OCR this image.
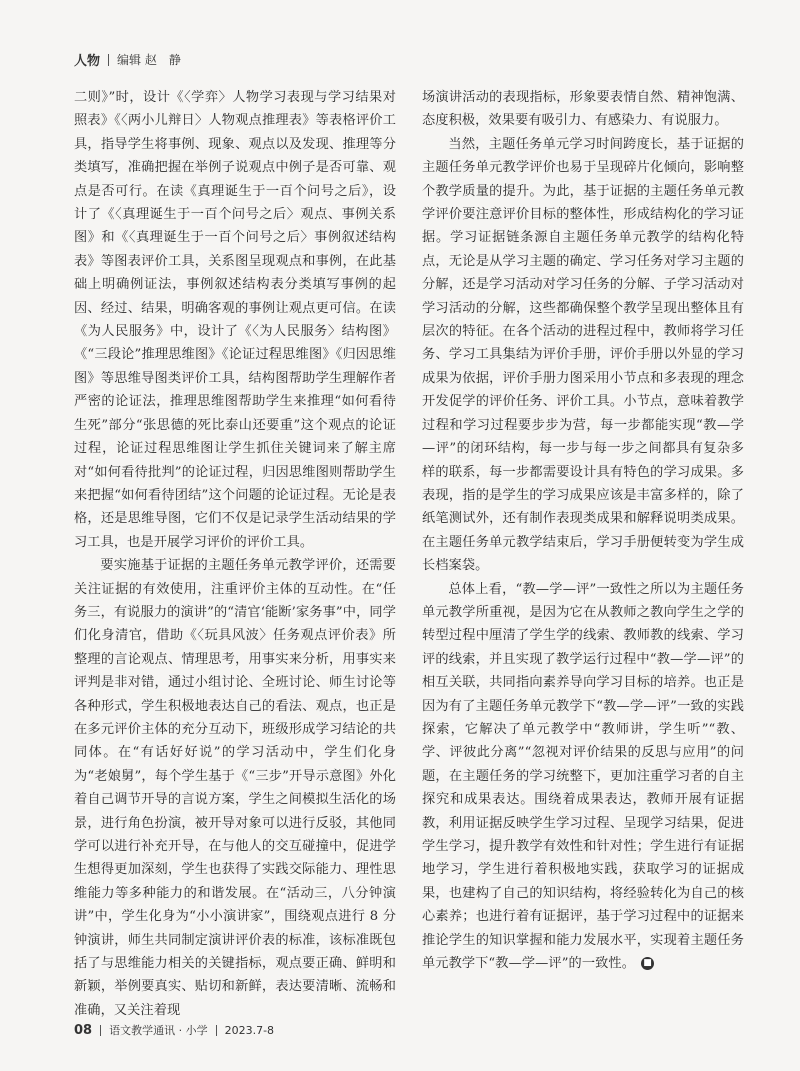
人物 编辑 赵　静

二则》”时，设计《〈学弈〉人物学习表现与学习结果对照表》《〈两小儿辩日〉人物观点推理表》等表格评价工具，指导学生将事例、现象、观点以及发现、推理等分类填写，准确把握在举例子说观点中例子是否可靠、观点是否可行。在读《真理诞生于一百个问号之后》，设计了《〈真理诞生于一百个问号之后〉观点、事例关系图》和《〈真理诞生于一百个问号之后〉事例叙述结构表》等图表评价工具，关系图呈现观点和事例，在此基础上明确例证法，事例叙述结构表分类填写事例的起因、经过、结果，明确客观的事例让观点更可信。在读《为人民服务》中，设计了《〈为人民服务〉结构图》《“三段论”推理思维图》《论证过程思维图》《归因思维图》等思维导图类评价工具，结构图帮助学生理解作者严密的论证法，推理思维图帮助学生来推理“如何看待生死”部分“张思德的死比泰山还要重”这个观点的论证过程，论证过程思维图让学生抓住关键词来了解主席对“如何看待批判”的论证过程，归因思维图则帮助学生来把握“如何看待团结”这个问题的论证过程。无论是表格，还是思维导图，它们不仅是记录学生活动结果的学习工具，也是开展学习评价的评价工具。

要实施基于证据的主题任务单元教学评价，还需要关注证据的有效使用，注重评价主体的互动性。在“任务三，有说服力的演讲”的“清官‘能断’家务事”中，同学们化身清官，借助《〈玩具风波〉任务观点评价表》所整理的言论观点、情理思考，用事实来分析，用事实来评判是非对错，通过小组讨论、全班讨论、师生讨论等各种形式，学生积极地表达自己的看法、观点，也正是在多元评价主体的充分互动下，班级形成学习结论的共同体。在“有话好好说”的学习活动中，学生们化身为“老娘舅”，每个学生基于《“三步”开导示意图》外化着自己调节开导的言说方案，学生之间模拟生活化的场景，进行角色扮演，被开导对象可以进行反驳，其他同学可以进行补充开导，在与他人的交互碰撞中，促进学生想得更加深刻，学生也获得了实践交际能力、理性思维能力等多种能力的和谐发展。在“活动三，八分钟演讲”中，学生化身为“小小演讲家”，围绕观点进行 8 分钟演讲，师生共同制定演讲评价表的标准，该标准既包括了与思维能力相关的关键指标，观点要正确、鲜明和新颖，举例要真实、贴切和新鲜，表达要清晰、流畅和准确，又关注着现

场演讲活动的表现指标，形象要表情自然、精神饱满、态度积极，效果要有吸引力、有感染力、有说服力。

当然，主题任务单元学习时间跨度长，基于证据的主题任务单元教学评价也易于呈现碎片化倾向，影响整个教学质量的提升。为此，基于证据的主题任务单元教学评价要注意评价目标的整体性，形成结构化的学习证据。学习证据链条源自主题任务单元教学的结构化特点，无论是从学习主题的确定、学习任务对学习主题的分解，还是学习活动对学习任务的分解、子学习活动对学习活动的分解，这些都确保整个教学呈现出整体且有层次的特征。在各个活动的进程过程中，教师将学习任务、学习工具集结为评价手册，评价手册以外显的学习成果为依据，评价手册力图采用小节点和多表现的理念开发促学的评价任务、评价工具。小节点，意味着教学过程和学习过程要步步为营，每一步都能实现“教—学—评”的闭环结构，每一步与每一步之间都具有复杂多样的联系，每一步都需要设计具有特色的学习成果。多表现，指的是学生的学习成果应该是丰富多样的，除了纸笔测试外，还有制作表现类成果和解释说明类成果。在主题任务单元教学结束后，学习手册便转变为学生成长档案袋。

总体上看，“教—学—评”一致性之所以为主题任务单元教学所重视，是因为它在从教师之教向学生之学的转型过程中厘清了学生学的线索、教师教的线索、学习评的线索，并且实现了教学运行过程中“教—学—评”的相互关联，共同指向素养导向学习目标的培养。也正是因为有了主题任务单元教学下“教—学—评”一致的实践探索，它解决了单元教学中“教师讲，学生听”“教、学、评彼此分离”“忽视对评价结果的反思与应用”的问题，在主题任务的学习统整下，更加注重学习者的自主探究和成果表达。围绕着成果表达，教师开展有证据教，利用证据反映学生学习过程、呈现学习结果，促进学生学习，提升教学有效性和针对性；学生进行有证据地学习，学生进行着积极地实践，获取学习的证据成果，也建构了自己的知识结构，将经验转化为自己的核心素养；也进行着有证据评，基于学习过程中的证据来推论学生的知识掌握和能力发展水平，实现着主题任务单元教学下“教—学—评”的一致性。 ■

08 语文教学通讯 · 小学 2023.7-8
